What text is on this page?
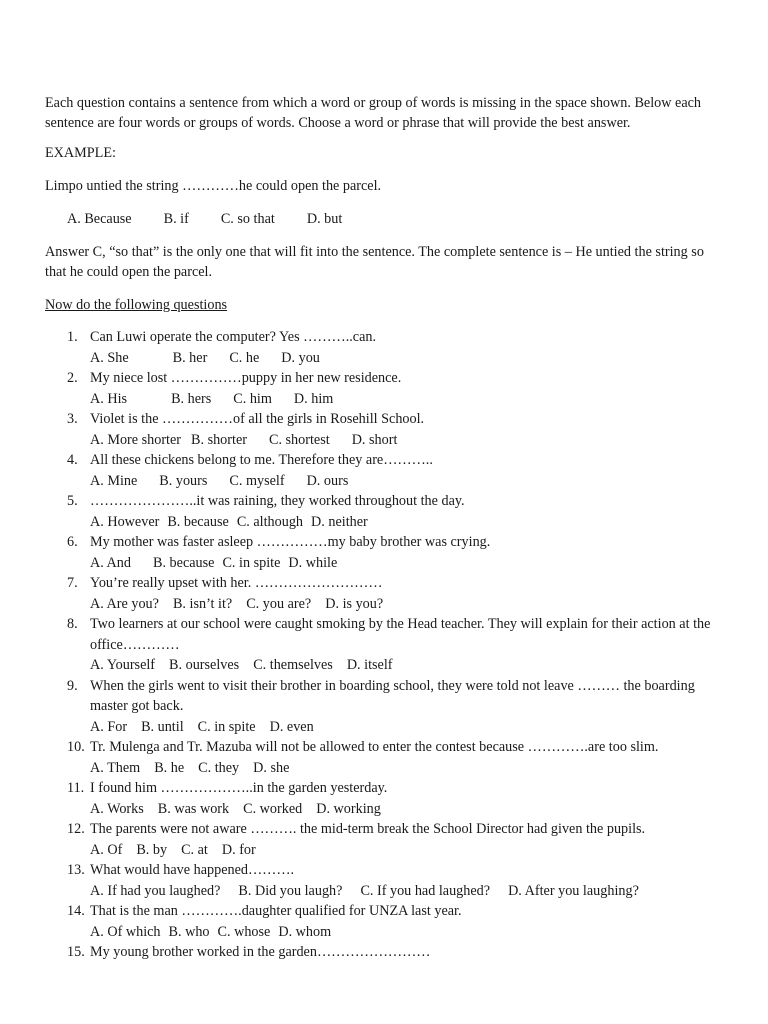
Each question contains a sentence from which a word or group of words is missing in the space shown. Below each sentence are four words or groups of words. Choose a word or phrase that will provide the best answer.

EXAMPLE:

Limpo untied the string …………he could open the parcel.

A. Because B. if C. so that D. but

Answer C, “so that” is the only one that will fit into the sentence. The complete sentence is – He untied the string so that he could open the parcel.

Now do the following questions

1. Can Luwi operate the computer? Yes ………..can.
A. She	B. her C. he D. you
2. My niece lost ……………puppy in her new residence.
A. His	B. hers C. him D. him
3. Violet is the ……………of all the girls in Rosehill School.
A. More shorter B. shorter C. shortest D. short
4. All these chickens belong to me. Therefore they are………..
A. Mine B. yours C. myself D. ours
5. …………………..it was raining, they worked throughout the day.
A. However B. because C. although D. neither
6. My mother was faster asleep ……………my baby brother was crying.
A. And B. because C. in spite D. while
7. You’re really upset with her. ………………………
A. Are you? B. isn’t it? C. you are? D. is you?
8. Two learners at our school were caught smoking by the Head teacher. They will explain for their action at the office…………
A. Yourself B. ourselves C. themselves D. itself
9. When the girls went to visit their brother in boarding school, they were told not leave ……… the boarding master got back.
A. For B. until C. in spite D. even
10. Tr. Mulenga and Tr. Mazuba will not be allowed to enter the contest because ………….are too slim.
A. Them B. he C. they D. she
11. I found him ………………..in the garden yesterday.
A. Works B. was work C. worked D. working
12. The parents were not aware ………. the mid-term break the School Director had given the pupils.
A. Of B. by C. at D. for
13. What would have happened……….
A. If had you laughed? B. Did you laugh? C. If you had laughed? D. After you laughing?
14. That is the man ………….daughter qualified for UNZA last year.
A. Of which B. who C. whose D. whom
15. My young brother worked in the garden……………………
